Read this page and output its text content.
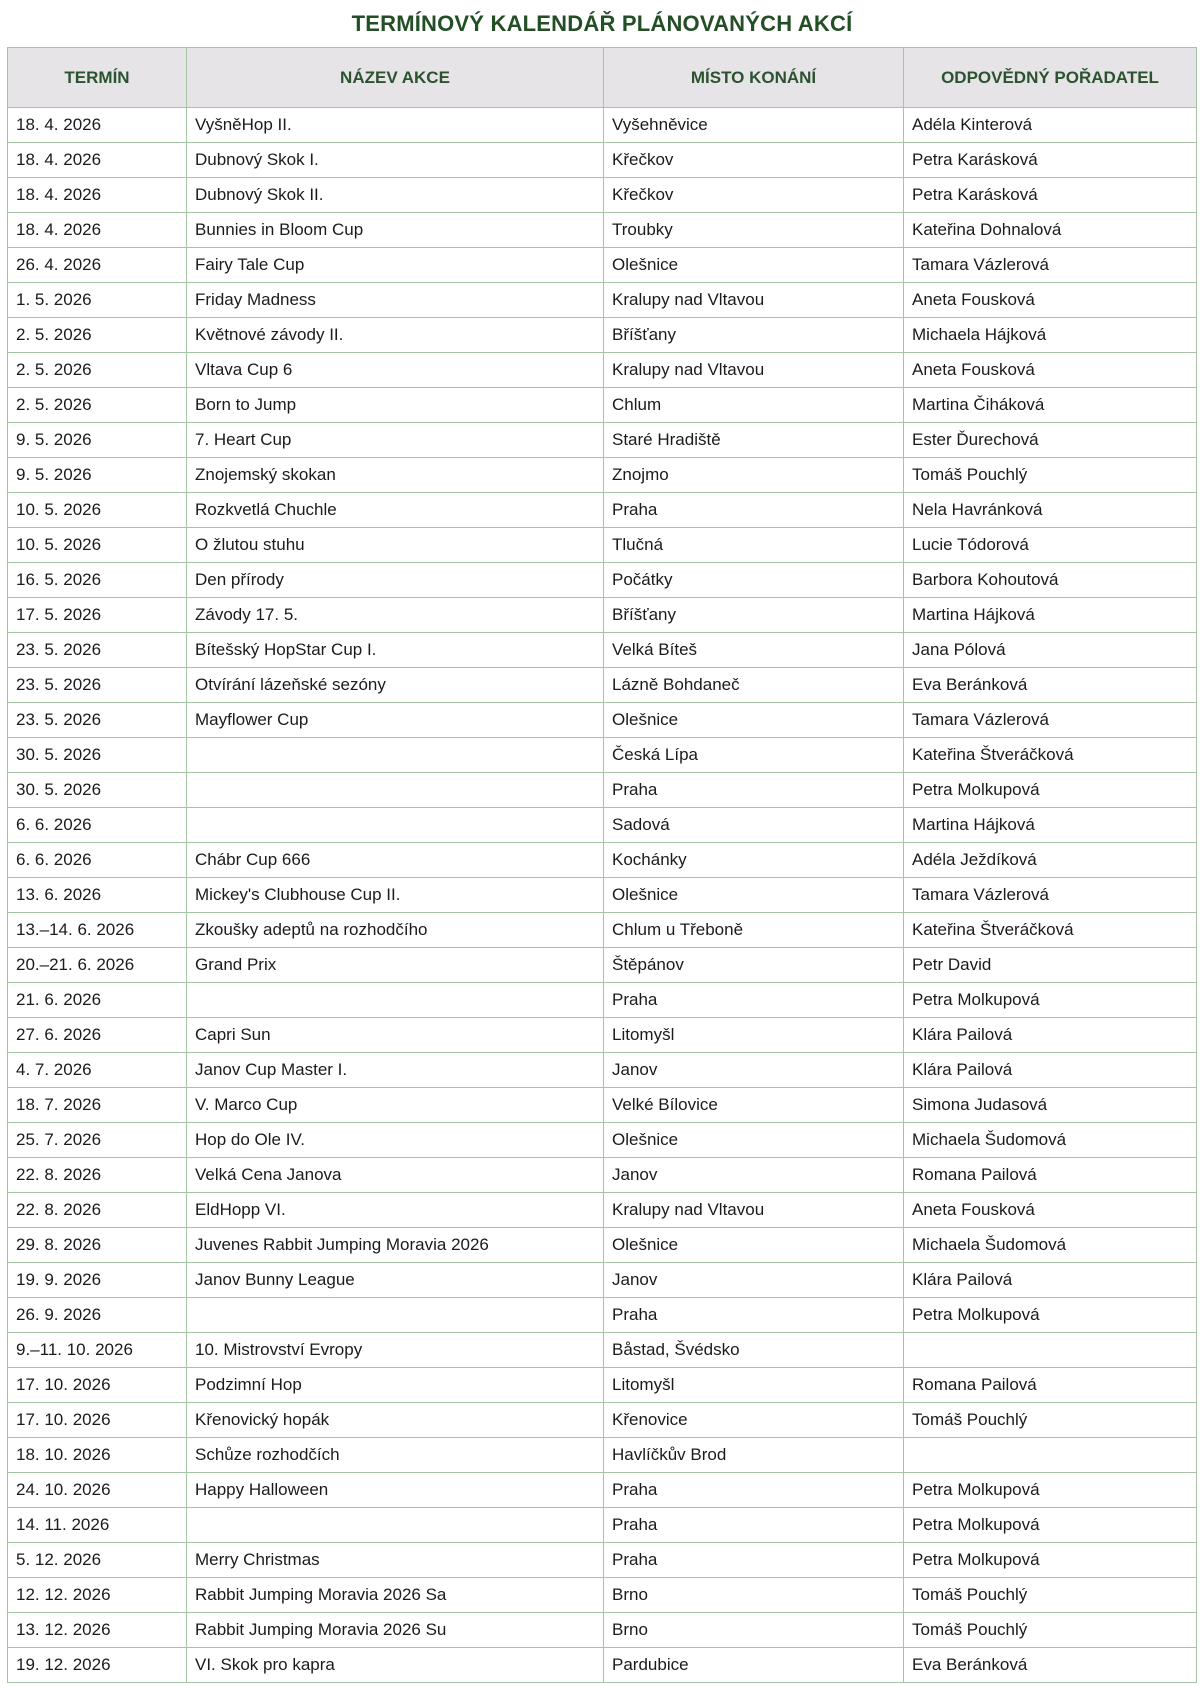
TERMÍNOVÝ KALENDÁŘ PLÁNOVANÝCH AKCÍ
TERMÍN	NÁZEV AKCE	MÍSTO KONÁNÍ	ODPOVĚDNÝ POŘADATEL
18. 4. 2026	VyšněHop II.	Vyšehněvice	Adéla Kinterová
18. 4. 2026	Dubnový Skok I.	Křečkov	Petra Karásková
18. 4. 2026	Dubnový Skok II.	Křečkov	Petra Karásková
18. 4. 2026	Bunnies in Bloom Cup	Troubky	Kateřina Dohnalová
26. 4. 2026	Fairy Tale Cup	Olešnice	Tamara Vázlerová
1. 5. 2026	Friday Madness	Kralupy nad Vltavou	Aneta Fousková
2. 5. 2026	Květnové závody II.	Bříšťany	Michaela Hájková
2. 5. 2026	Vltava Cup 6	Kralupy nad Vltavou	Aneta Fousková
2. 5. 2026	Born to Jump	Chlum	Martina Čiháková
9. 5. 2026	7. Heart Cup	Staré Hradiště	Ester Ďurechová
9. 5. 2026	Znojemský skokan	Znojmo	Tomáš Pouchlý
10. 5. 2026	Rozkvetlá Chuchle	Praha	Nela Havránková
10. 5. 2026	O žlutou stuhu	Tlučná	Lucie Tódorová
16. 5. 2026	Den přírody	Počátky	Barbora Kohoutová
17. 5. 2026	Závody 17. 5.	Bříšťany	Martina Hájková
23. 5. 2026	Bítešský HopStar Cup I.	Velká Bíteš	Jana Pólová
23. 5. 2026	Otvírání lázeňské sezóny	Lázně Bohdaneč	Eva Beránková
23. 5. 2026	Mayflower Cup	Olešnice	Tamara Vázlerová
30. 5. 2026		Česká Lípa	Kateřina Štveráčková
30. 5. 2026		Praha	Petra Molkupová
6. 6. 2026		Sadová	Martina Hájková
6. 6. 2026	Chábr Cup 666	Kochánky	Adéla Ježdíková
13. 6. 2026	Mickey's Clubhouse Cup II.	Olešnice	Tamara Vázlerová
13.–14. 6. 2026	Zkoušky adeptů na rozhodčího	Chlum u Třeboně	Kateřina Štveráčková
20.–21. 6. 2026	Grand Prix	Štěpánov	Petr David
21. 6. 2026		Praha	Petra Molkupová
27. 6. 2026	Capri Sun	Litomyšl	Klára Pailová
4. 7. 2026	Janov Cup Master I.	Janov	Klára Pailová
18. 7. 2026	V. Marco Cup	Velké Bílovice	Simona Judasová
25. 7. 2026	Hop do Ole IV.	Olešnice	Michaela Šudomová
22. 8. 2026	Velká Cena Janova	Janov	Romana Pailová
22. 8. 2026	EldHopp VI.	Kralupy nad Vltavou	Aneta Fousková
29. 8. 2026	Juvenes Rabbit Jumping Moravia 2026	Olešnice	Michaela Šudomová
19. 9. 2026	Janov Bunny League	Janov	Klára Pailová
26. 9. 2026		Praha	Petra Molkupová
9.–11. 10. 2026	10. Mistrovství Evropy	Båstad, Švédsko	
17. 10. 2026	Podzimní Hop	Litomyšl	Romana Pailová
17. 10. 2026	Křenovický hopák	Křenovice	Tomáš Pouchlý
18. 10. 2026	Schůze rozhodčích	Havlíčkův Brod	
24. 10. 2026	Happy Halloween	Praha	Petra Molkupová
14. 11. 2026		Praha	Petra Molkupová
5. 12. 2026	Merry Christmas	Praha	Petra Molkupová
12. 12. 2026	Rabbit Jumping Moravia 2026 Sa	Brno	Tomáš Pouchlý
13. 12. 2026	Rabbit Jumping Moravia 2026 Su	Brno	Tomáš Pouchlý
19. 12. 2026	VI. Skok pro kapra	Pardubice	Eva Beránková
